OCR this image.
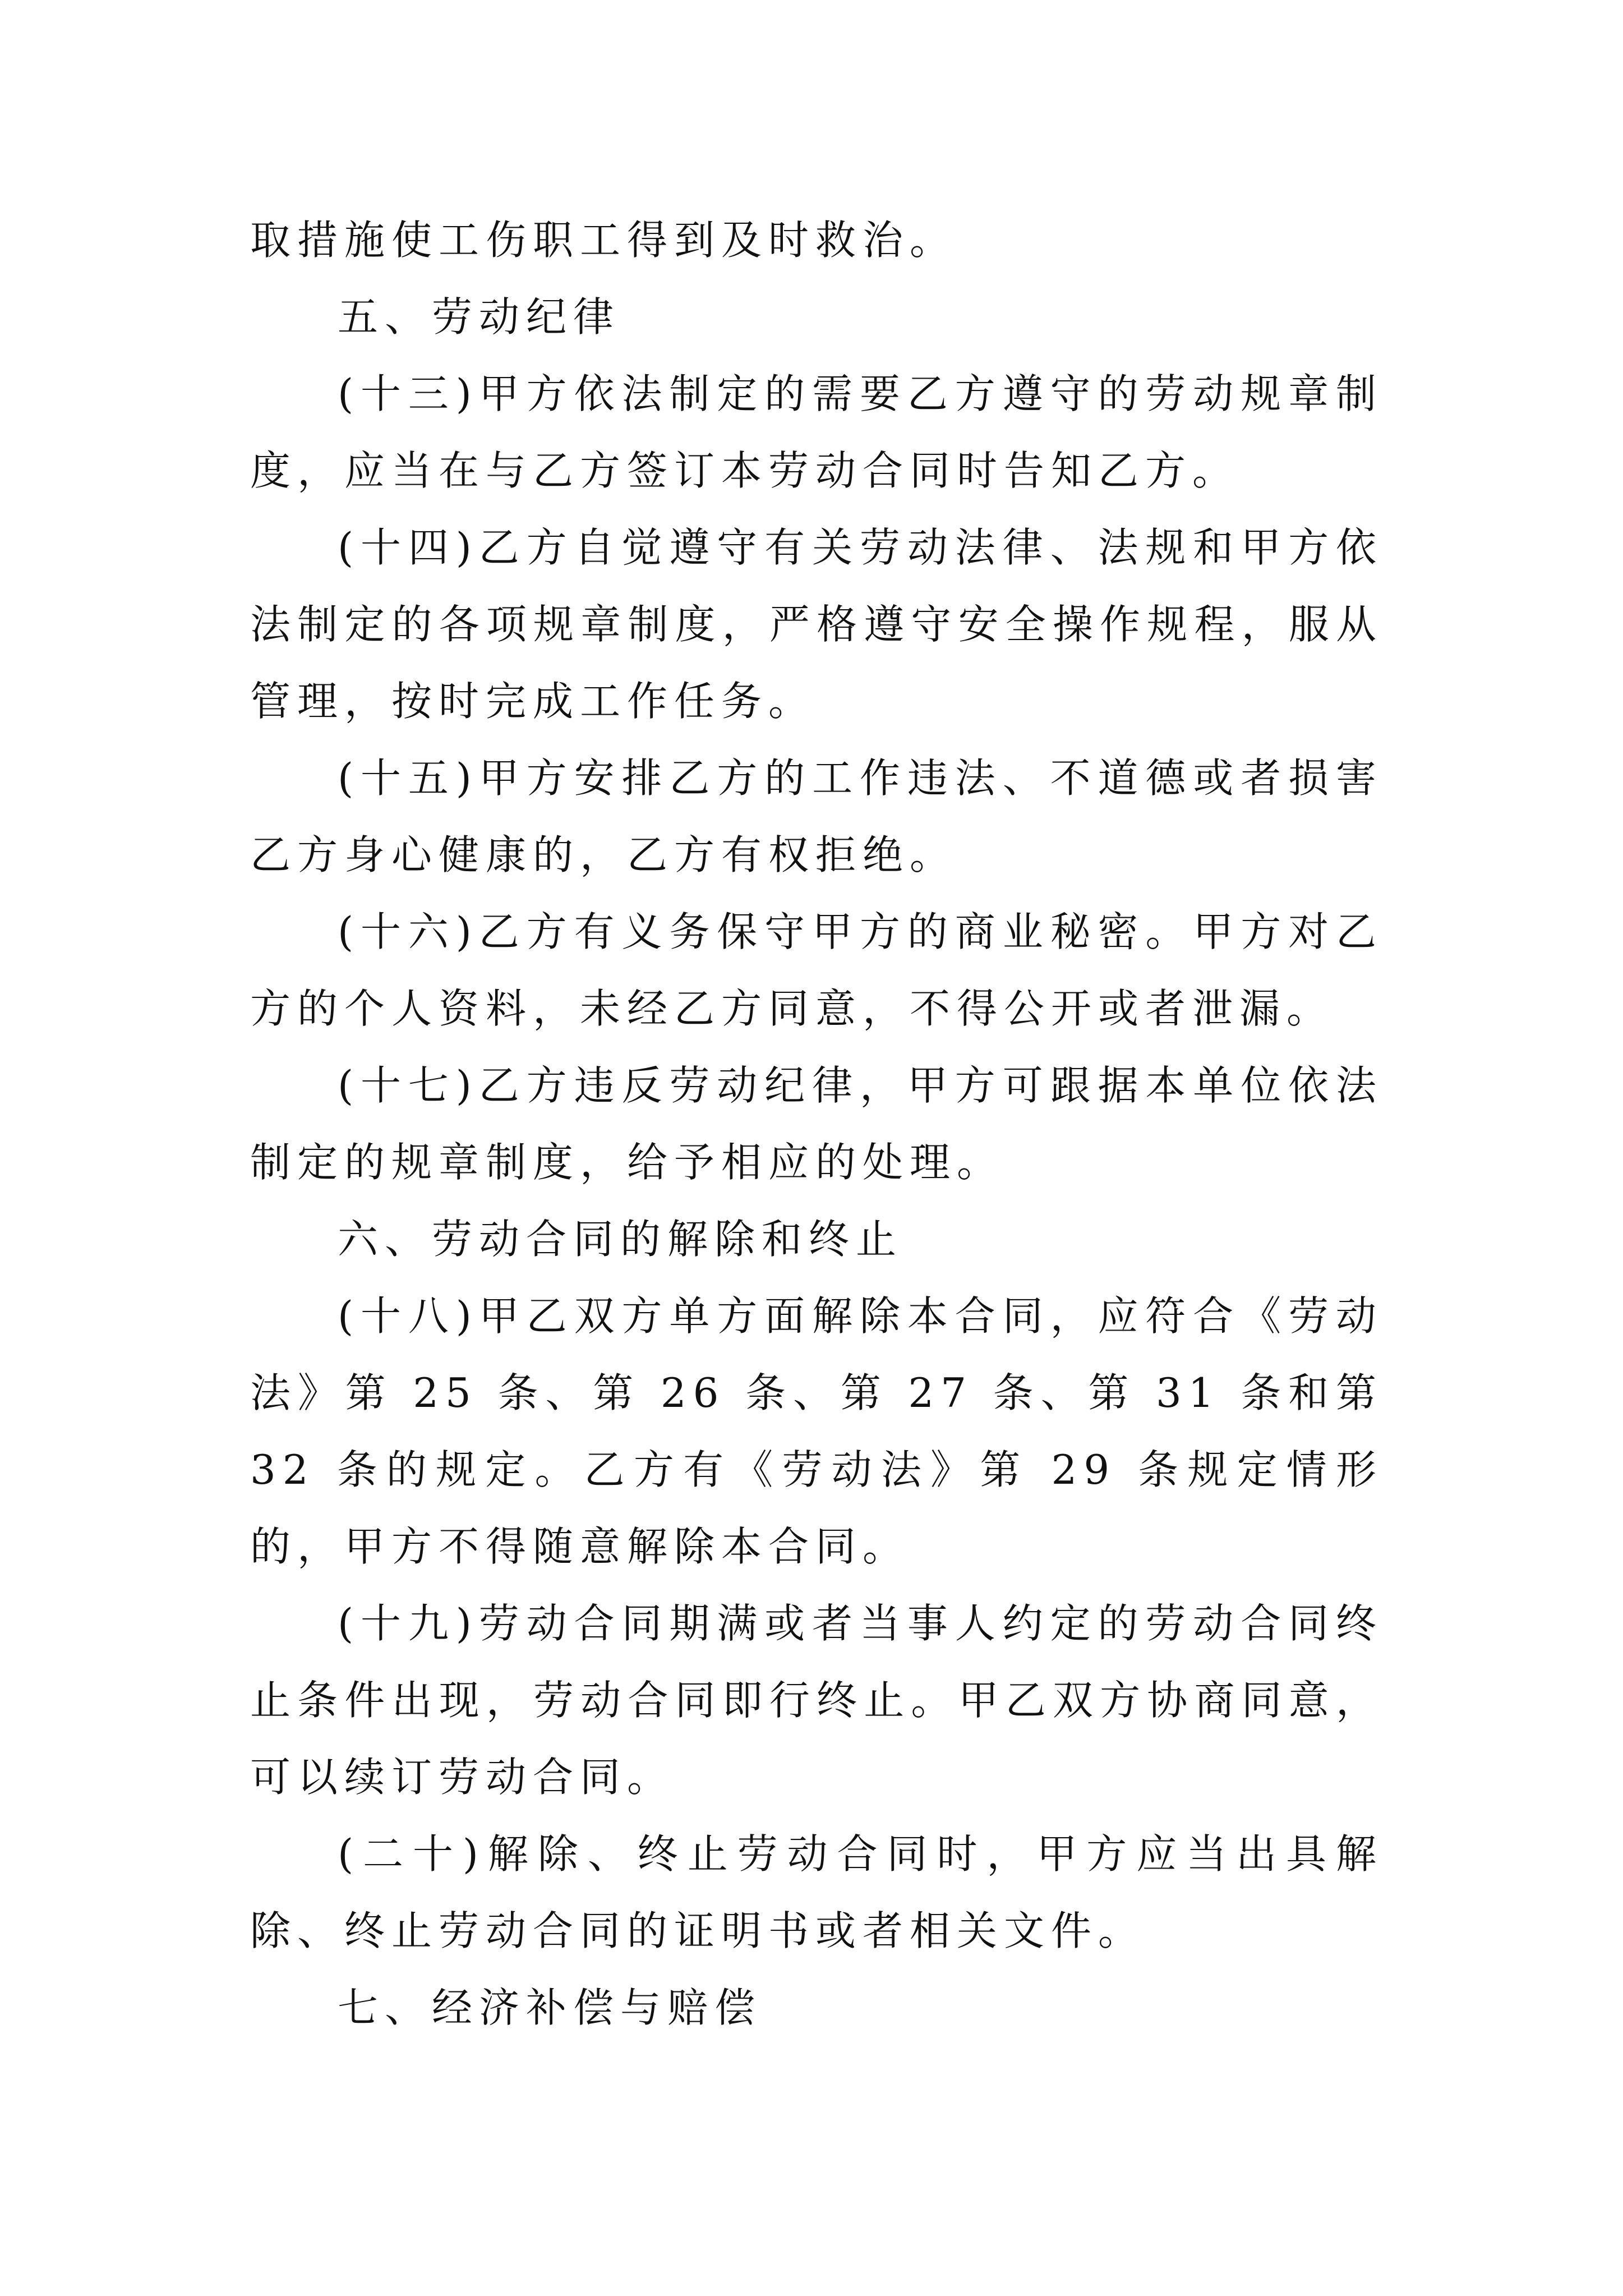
取措施使工伤职工得到及时救治。

五、劳动纪律

(十三)甲方依法制定的需要乙方遵守的劳动规章制度，应当在与乙方签订本劳动合同时告知乙方。

(十四)乙方自觉遵守有关劳动法律、法规和甲方依法制定的各项规章制度，严格遵守安全操作规程，服从管理，按时完成工作任务。

(十五)甲方安排乙方的工作违法、不道德或者损害乙方身心健康的，乙方有权拒绝。

(十六)乙方有义务保守甲方的商业秘密。甲方对乙方的个人资料，未经乙方同意，不得公开或者泄漏。

(十七)乙方违反劳动纪律，甲方可跟据本单位依法制定的规章制度，给予相应的处理。

六、劳动合同的解除和终止

(十八)甲乙双方单方面解除本合同，应符合《劳动法》第 25 条、第 26 条、第 27 条、第 31 条和第 32 条的规定。乙方有《劳动法》第 29 条规定情形的，甲方不得随意解除本合同。

(十九)劳动合同期满或者当事人约定的劳动合同终止条件出现，劳动合同即行终止。甲乙双方协商同意，可以续订劳动合同。

(二十)解除、终止劳动合同时，甲方应当出具解除、终止劳动合同的证明书或者相关文件。

七、经济补偿与赔偿
